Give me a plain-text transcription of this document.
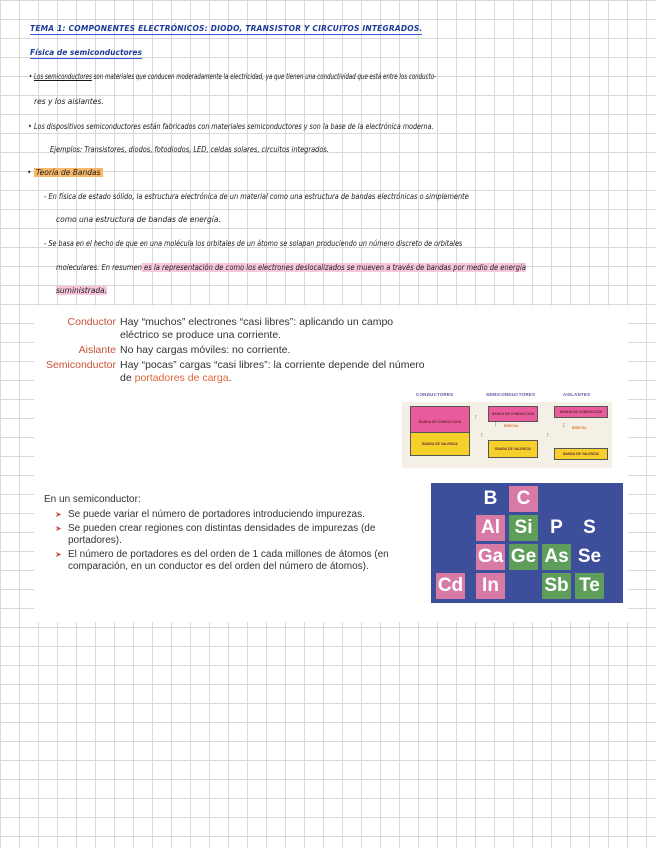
TEMA 1: COMPONENTES ELECTRÓNICOS: DIODO, TRANSISTOR Y CIRCUITOS INTEGRADOS.
Física de semiconductores
• Los semiconductores son materiales que conducen moderadamente la electricidad, ya que tienen una conductividad que está entre los conducto-
res y los aislantes.
• Los dispositivos semiconductores están fabricados con materiales semiconductores y son la base de la electrónica moderna.
Ejemplos: Transistores, diodos, fotodiodos, LED, celdas solares, circuitos integrados.
• Teoría de Bandas
- En física de estado sólido, la estructura electrónica de un material como una estructura de bandas electrónicas o simplemente
como una estructura de bandas de energía.
- Se basa en el hecho de que en una molécula los orbitales de un átomo se solapan produciendo un número discreto de orbitales
moleculares. En resumen es la representación de como los electrones deslocalizados se mueven a través de bandas por medio de energía
suministrada.
Conductor Hay “muchos” electrones “casi libres”: aplicando un campo eléctrico se produce una corriente.
Aislante No hay cargas móviles: no corriente.
Semiconductor Hay “pocas” cargas “casi libres”: la corriente depende del número de portadores de carga.
CONDUCTORES	SEMICONDUCTORES	AISLANTES
BANDA DE CONDUCCIÓN
BANDA DE VALENCIA
↑	BANDA DE CONDUCCIÓN
↕ BRECHA
BANDA DE VALENCIA
↑
BANDA DE CONDUCCIÓN
↕ BRECHA
BANDA DE VALENCIA
↑
En un semiconductor:
➤ Se puede variar el número de portadores introduciendo impurezas.
➤ Se pueden crear regiones con distintas densidades de impurezas (de portadores).
➤ El número de portadores es del orden de 1 cada millones de átomos (en comparación, en un conductor es del orden del número de átomos).
B	C
Al Si P	S
Ga Ge As Se
Cd In	Sb Te
